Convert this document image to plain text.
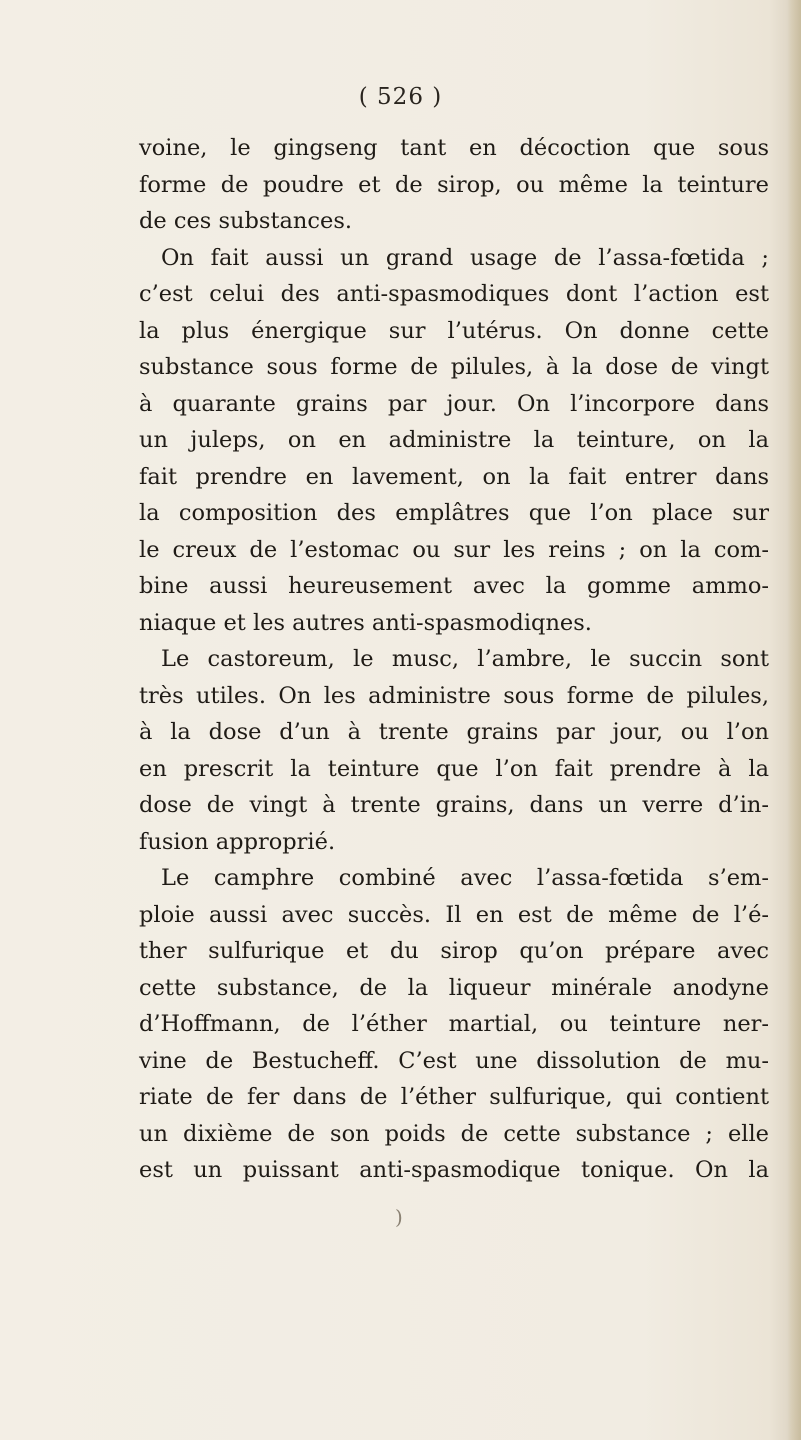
( 526 )
voine, le gingseng tant en décoction que sous
forme de poudre et de sirop, ou même la teinture
de ces substances.
On fait aussi un grand usage de l’assa-fœtida ;
c’est celui des anti-spasmodiques dont l’action est
la plus énergique sur l’utérus. On donne cette
substance sous forme de pilules, à la dose de vingt
à quarante grains par jour. On l’incorpore dans
un juleps, on en administre la teinture, on la
fait prendre en lavement, on la fait entrer dans
la composition des emplâtres que l’on place sur
le creux de l’estomac ou sur les reins ; on la com-
bine aussi heureusement avec la gomme ammo-
niaque et les autres anti-spasmodiqnes.
Le castoreum, le musc, l’ambre, le succin sont
très utiles. On les administre sous forme de pilules,
à la dose d’un à trente grains par jour, ou l’on
en prescrit la teinture que l’on fait prendre à la
dose de vingt à trente grains, dans un verre d’in-
fusion approprié.
Le camphre combiné avec l’assa-fœtida s’em-
ploie aussi avec succès. Il en est de même de l’é-
ther sulfurique et du sirop qu’on prépare avec
cette substance, de la liqueur minérale anodyne
d’Hoffmann, de l’éther martial, ou teinture ner-
vine de Bestucheff. C’est une dissolution de mu-
riate de fer dans de l’éther sulfurique, qui contient
un dixième de son poids de cette substance ; elle
est un puissant anti-spasmodique tonique. On la
)
